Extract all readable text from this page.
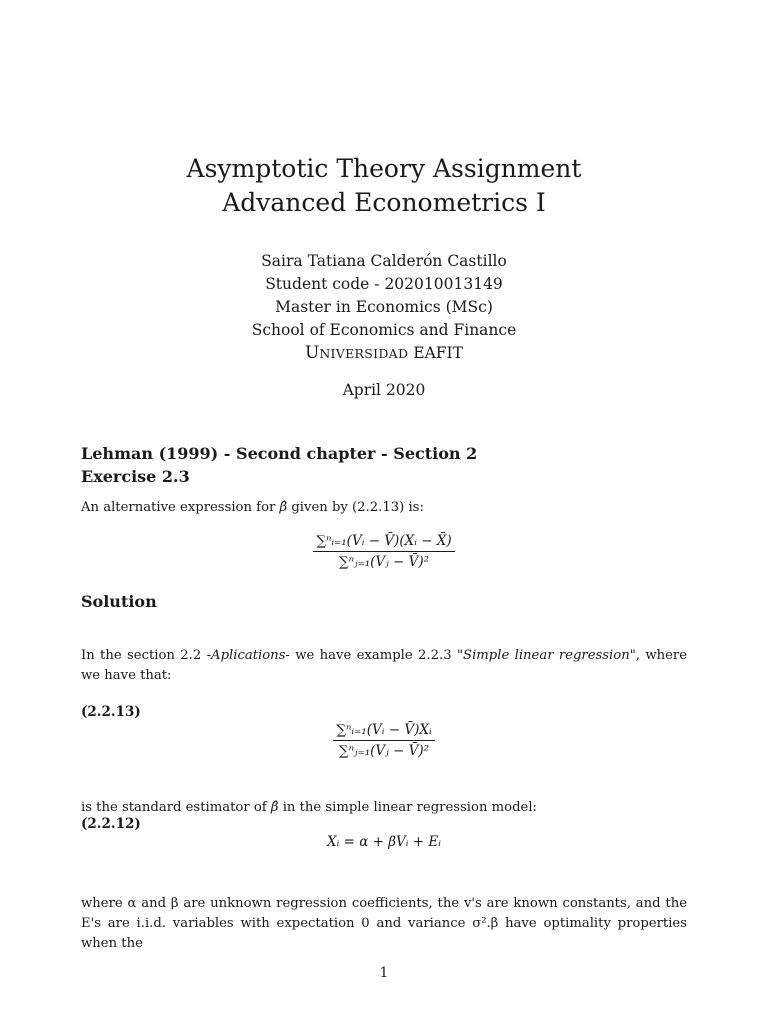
Asymptotic Theory Assignment
Advanced Econometrics I
Saira Tatiana Calderón Castillo
Student code - 202010013149
Master in Economics (MSc)
School of Economics and Finance
UNIVERSIDAD EAFIT
April 2020
Lehman (1999) - Second chapter - Section 2
Exercise 2.3
An alternative expression for β̂ given by (2.2.13) is:
$\frac{\text{∑ⁿᵢ₌₁(Vᵢ − V̄)(Xᵢ − X̄)}}{\text{∑ⁿⱼ₌₁(Vⱼ − V̄)²}}$
Solution
In the section 2.2 -Aplications- we have example 2.2.3 "Simple linear regression", where we have that:
(2.2.13)
$\frac{\text{∑ⁿᵢ₌₁(Vᵢ − V̄)Xᵢ}}{\text{∑ⁿⱼ₌₁(Vⱼ − V̄)²}}$
is the standard estimator of β̂ in the simple linear regression model:
(2.2.12)
Xᵢ = α + βVᵢ + Eᵢ
where α and β are unknown regression coefficients, the v's are known constants, and the E's are i.i.d. variables with expectation 0 and variance σ².β have optimality properties when the
1
